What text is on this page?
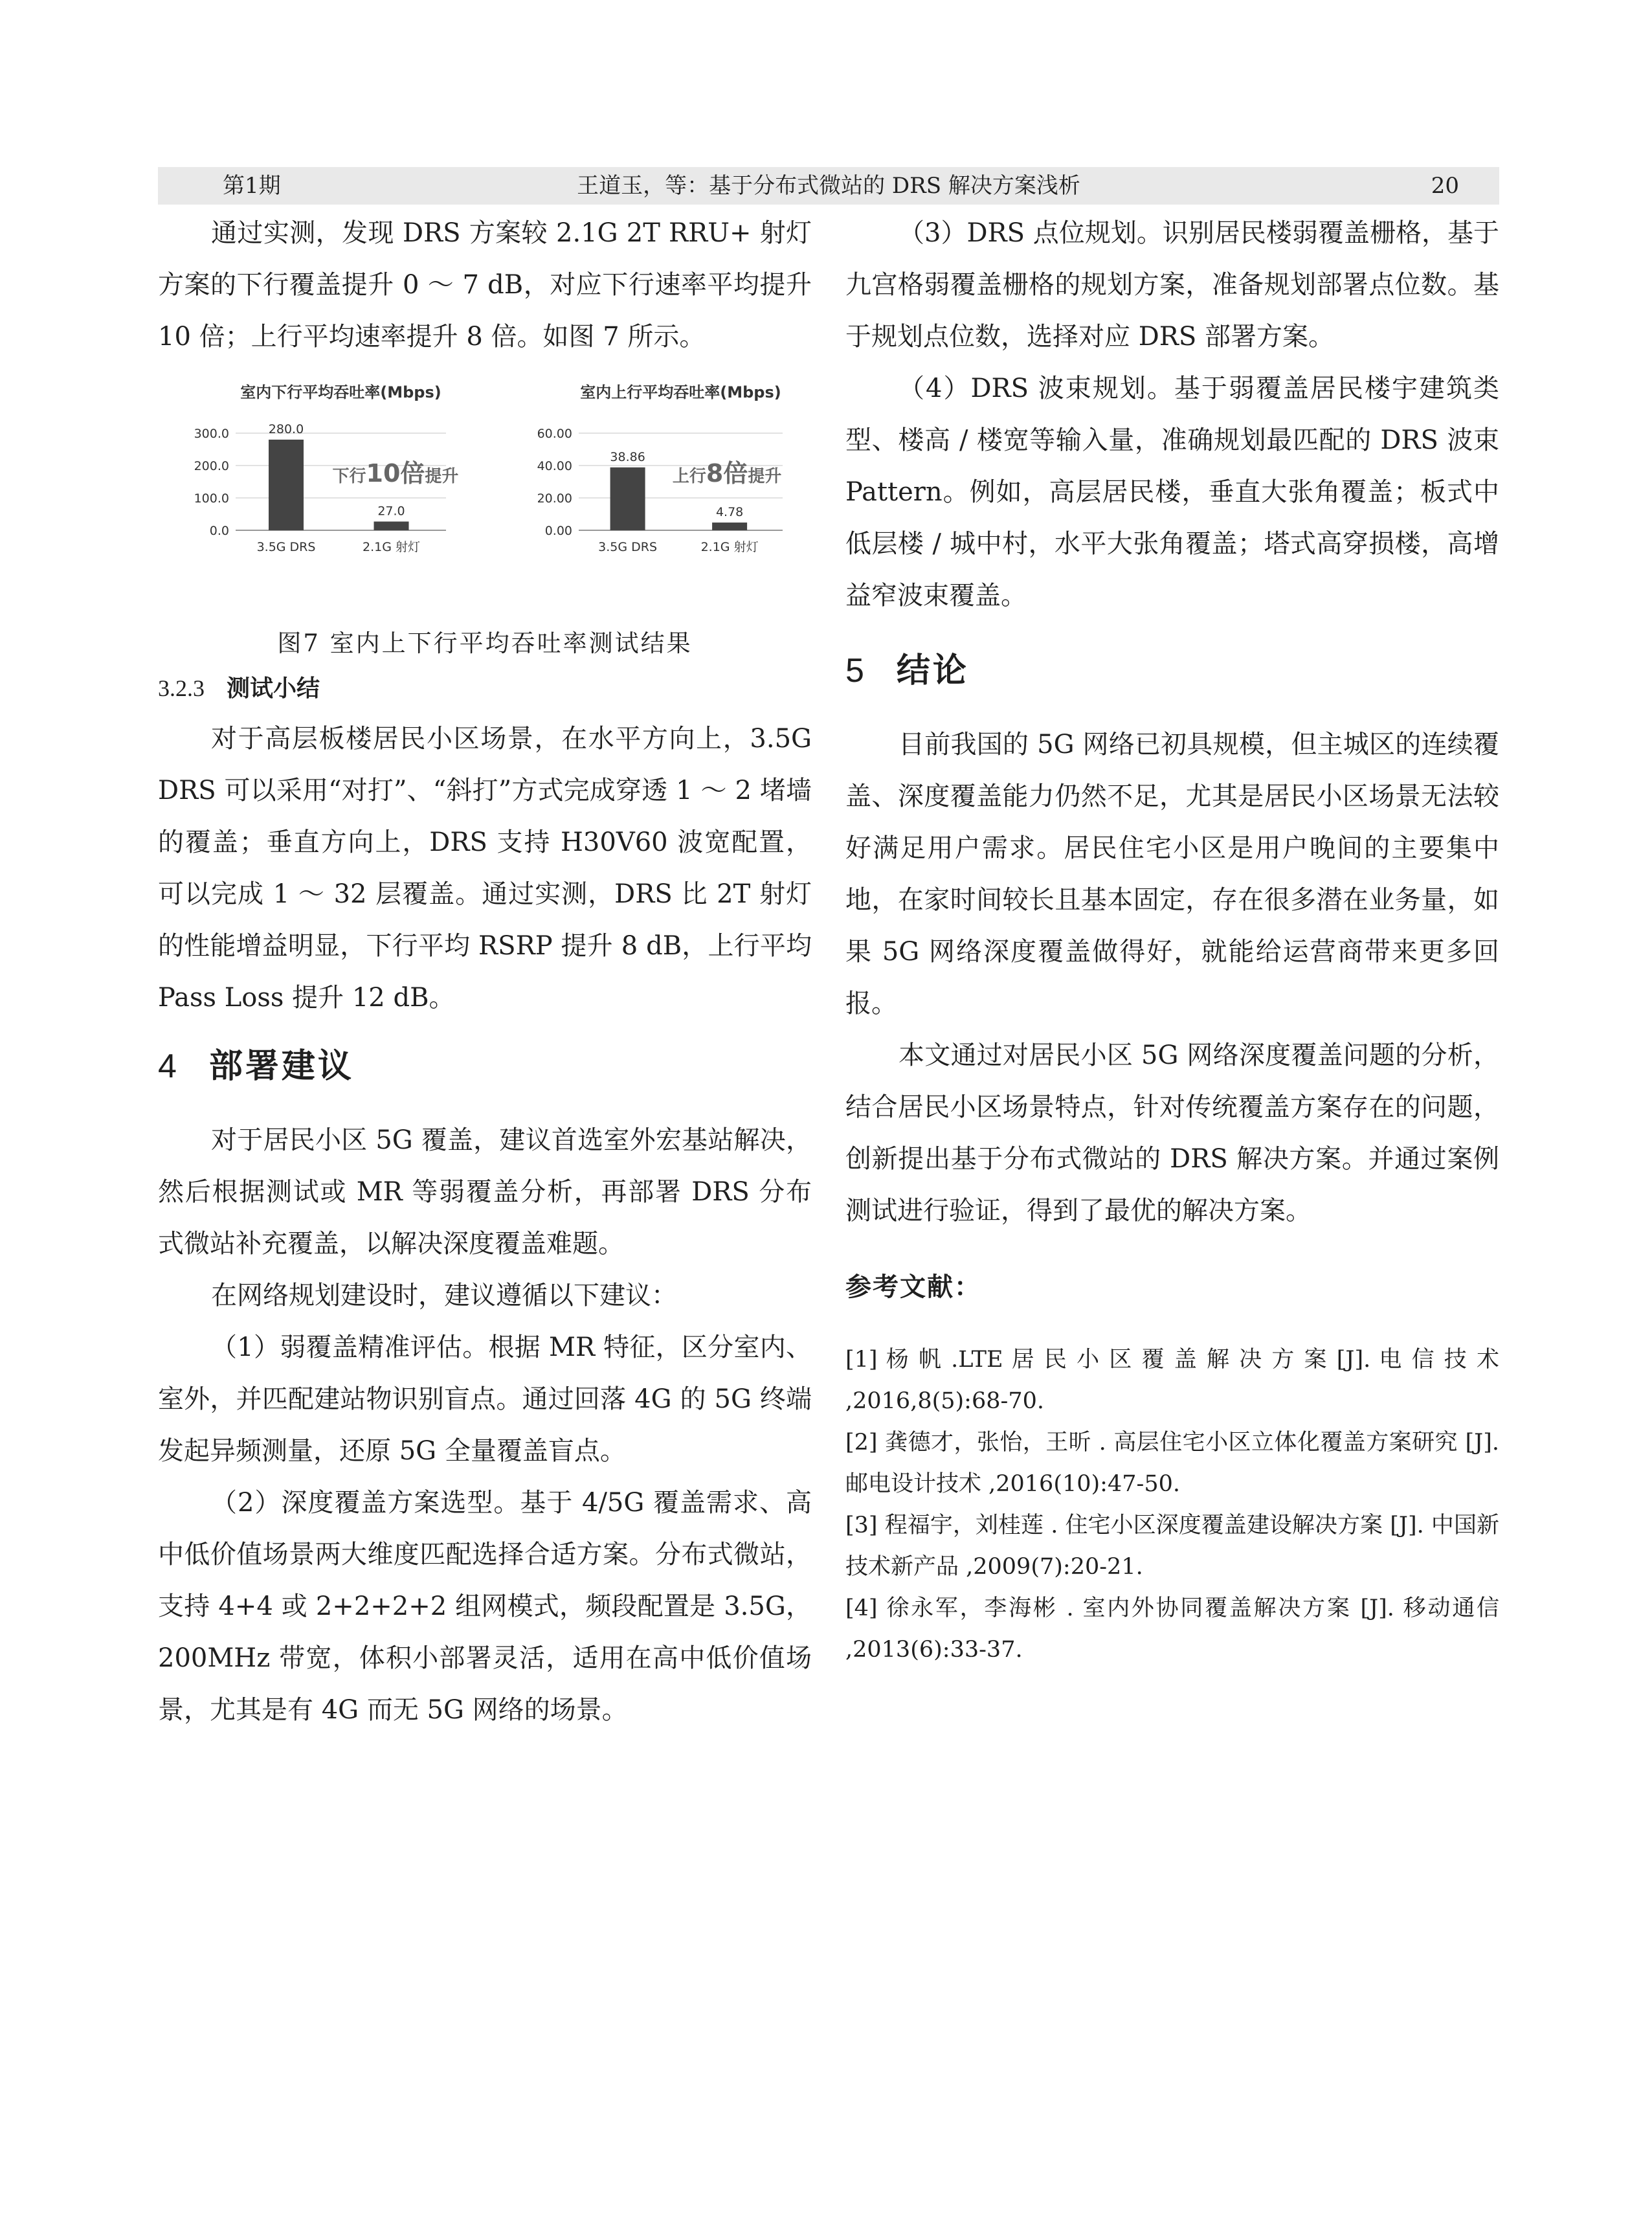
第1期	王道玉，等：基于分布式微站的 DRS 解决方案浅析	20

通过实测，发现 DRS 方案较 2.1G 2T RRU+ 射灯方案的下行覆盖提升 0 ～ 7 dB，对应下行速率平均提升 10 倍；上行平均速率提升 8 倍。如图 7 所示。

室内下行平均吞吐率(Mbps)
0.0
100.0
200.0
300.0	280.0
3.5G DRS
27.0
2.1G 射灯
下行10倍提升
室内上行平均吞吐率(Mbps)
0.00
20.00
40.00
60.00
38.86
3.5G DRS
4.78
2.1G 射灯
上行8倍提升

图7 室内上下行平均吞吐率测试结果

3.2.3 测试小结

对于高层板楼居民小区场景，在水平方向上，3.5G DRS 可以采用“对打”、“斜打”方式完成穿透 1 ～ 2 堵墙的覆盖；垂直方向上，DRS 支持 H30V60 波宽配置，可以完成 1 ～ 32 层覆盖。通过实测，DRS 比 2T 射灯的性能增益明显，下行平均 RSRP 提升 8 dB，上行平均 Pass Loss 提升 12 dB。

4 部署建议

对于居民小区 5G 覆盖，建议首选室外宏基站解决，然后根据测试或 MR 等弱覆盖分析，再部署 DRS 分布式微站补充覆盖，以解决深度覆盖难题。

在网络规划建设时，建议遵循以下建议：

（1）弱覆盖精准评估。根据 MR 特征，区分室内、室外，并匹配建站物识别盲点。通过回落 4G 的 5G 终端发起异频测量，还原 5G 全量覆盖盲点。

（2）深度覆盖方案选型。基于 4/5G 覆盖需求、高中低价值场景两大维度匹配选择合适方案。分布式微站，支持 4+4 或 2+2+2+2 组网模式，频段配置是 3.5G，200MHz 带宽，体积小部署灵活，适用在高中低价值场景，尤其是有 4G 而无 5G 网络的场景。

（3）DRS 点位规划。识别居民楼弱覆盖栅格，基于九宫格弱覆盖栅格的规划方案，准备规划部署点位数。基于规划点位数，选择对应 DRS 部署方案。

（4）DRS 波束规划。基于弱覆盖居民楼宇建筑类型、楼高 / 楼宽等输入量，准确规划最匹配的 DRS 波束 Pattern。例如，高层居民楼，垂直大张角覆盖；板式中低层楼 / 城中村，水平大张角覆盖；塔式高穿损楼，高增益窄波束覆盖。

5 结论

目前我国的 5G 网络已初具规模，但主城区的连续覆盖、深度覆盖能力仍然不足，尤其是居民小区场景无法较好满足用户需求。居民住宅小区是用户晚间的主要集中地，在家时间较长且基本固定，存在很多潜在业务量，如果 5G 网络深度覆盖做得好，就能给运营商带来更多回报。

本文通过对居民小区 5G 网络深度覆盖问题的分析，结合居民小区场景特点，针对传统覆盖方案存在的问题，创新提出基于分布式微站的 DRS 解决方案。并通过案例测试进行验证，得到了最优的解决方案。

参考文献：

[1] 杨 帆 .LTE 居 民 小 区 覆 盖 解 决 方 案 [J]. 电 信 技 术 ,2016,8(5):68-70.

[2] 龚德才，张怡，王昕 . 高层住宅小区立体化覆盖方案研究 [J]. 邮电设计技术 ,2016(10):47-50.

[3] 程福宇，刘桂莲 . 住宅小区深度覆盖建设解决方案 [J]. 中国新技术新产品 ,2009(7):20-21.

[4] 徐永军，李海彬 . 室内外协同覆盖解决方案 [J]. 移动通信 ,2013(6):33-37.
